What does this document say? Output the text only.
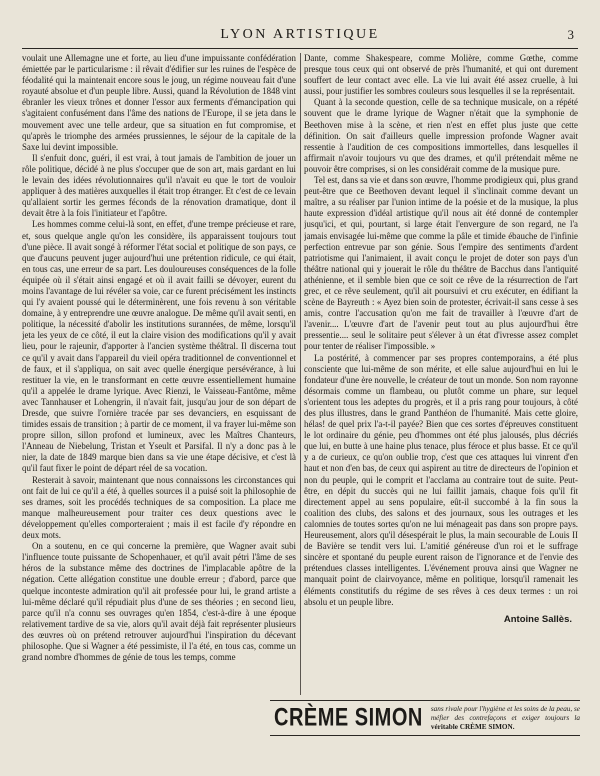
LYON ARTISTIQUE	3

voulait une Allemagne une et forte, au lieu d'une impuissante confédération émiettée par le particularisme : il rêvait d'édifier sur les ruines de l'espèce de féodalité qui la maintenait encore sous le joug, un régime nouveau fait d'une royauté absolue et d'un peuple libre. Aussi, quand la Révolution de 1848 vint ébranler les vieux trônes et donner l'essor aux ferments d'émancipation qui s'agitaient confusément dans l'âme des nations de l'Europe, il se jeta dans le mouvement avec une telle ardeur, que sa situation en fut compromise, et qu'après le triomphe des armées prussiennes, le séjour de la capitale de la Saxe lui devint impossible.

Il s'enfuit donc, guéri, il est vrai, à tout jamais de l'ambition de jouer un rôle politique, décidé à ne plus s'occuper que de son art, mais gardant en lui le levain des idées révolutionnaires qu'il n'avait eu que le tort de vouloir appliquer à des matières auxquelles il était trop étranger. Et c'est de ce levain qu'allaient sortir les germes féconds de la rénovation dramatique, dont il devait être à la fois l'initiateur et l'apôtre.

Les hommes comme celui-là sont, en effet, d'une trempe précieuse et rare, et, sous quelque angle qu'on les considère, ils apparaissent toujours tout d'une pièce. Il avait songé à réformer l'état social et politique de son pays, ce que d'aucuns peuvent juger aujourd'hui une prétention ridicule, ce qui était, en tous cas, une erreur de sa part. Les douloureuses conséquences de la folle équipée où il s'était ainsi engagé et où il avait failli se dévoyer, eurent du moins l'avantage de lui révéler sa voie, car ce furent précisément les instincts qui l'y avaient poussé qui le déterminèrent, une fois revenu à son véritable domaine, à y entreprendre une œuvre analogue. De même qu'il avait senti, en politique, la nécessité d'abolir les institutions surannées, de même, lorsqu'il jeta les yeux de ce côté, il eut la claire vision des modifications qu'il y avait lieu, pour le rajeunir, d'apporter à l'ancien système théâtral. Il discerna tout ce qu'il y avait dans l'appareil du vieil opéra traditionnel de conventionnel et de faux, et il s'appliqua, on sait avec quelle énergique persévérance, à lui restituer la vie, en le transformant en cette œuvre essentiellement humaine qu'il a appelée le drame lyrique. Avec Rienzi, le Vaisseau-Fantôme, même avec Tannhauser et Lohengrin, il n'avait fait, jusqu'au jour de son départ de Dresde, que suivre l'ornière tracée par ses devanciers, en esquissant de timides essais de transition ; à partir de ce moment, il va frayer lui-même son propre sillon, sillon profond et lumineux, avec les Maîtres Chanteurs, l'Anneau de Niebelung, Tristan et Yseult et Parsifal. Il n'y a donc pas à le nier, la date de 1849 marque bien dans sa vie une étape décisive, et c'est là qu'il faut fixer le point de départ réel de sa vocation.

Resterait à savoir, maintenant que nous connaissons les circonstances qui ont fait de lui ce qu'il a été, à quelles sources il a puisé soit la philosophie de ses drames, soit les procédés techniques de sa composition. La place me manque malheureusement pour traiter ces deux questions avec le développement qu'elles comporteraient ; mais il est facile d'y répondre en deux mots.

On a soutenu, en ce qui concerne la première, que Wagner avait subi l'influence toute puissante de Schopenhauer, et qu'il avait pétri l'âme de ses héros de la substance même des doctrines de l'implacable apôtre de la négation. Cette allégation constitue une double erreur ; d'abord, parce que quelque inconteste admiration qu'il ait professée pour lui, le grand artiste a lui-même déclaré qu'il répudiait plus d'une de ses théories ; en second lieu, parce qu'il n'a connu ses ouvrages qu'en 1854, c'est-à-dire à une époque relativement tardive de sa vie, alors qu'il avait déjà fait représenter plusieurs des œuvres où on prétend retrouver aujourd'hui l'inspiration du décevant philosophe. Que si Wagner a été pessimiste, il l'a été, en tous cas, comme un grand nombre d'hommes de génie de tous les temps, comme

Dante, comme Shakespeare, comme Molière, comme Gœthe, comme presque tous ceux qui ont observé de près l'humanité, et qui ont durement souffert de leur contact avec elle. La vie lui avait été assez cruelle, à lui aussi, pour justifier les sombres couleurs sous lesquelles il se la représentait.

Quant à la seconde question, celle de sa technique musicale, on a répété souvent que le drame lyrique de Wagner n'était que la symphonie de Beethoven mise à la scène, et rien n'est en effet plus juste que cette définition. On sait d'ailleurs quelle impression profonde Wagner avait ressentie à l'audition de ces compositions immortelles, dans lesquelles il affirmait n'avoir toujours vu que des drames, et qu'il prétendait même ne pouvoir être comprises, si on les considérait comme de la musique pure.

Tel est, dans sa vie et dans son œuvre, l'homme prodigieux qui, plus grand peut-être que ce Beethoven devant lequel il s'inclinait comme devant un maître, a su réaliser par l'union intime de la poésie et de la musique, la plus haute expression d'idéal artistique qu'il nous ait été donné de contempler jusqu'ici, et qui, pourtant, si large était l'envergure de son regard, ne l'a jamais envisagée lui-même que comme la pâle et timide ébauche de l'infinie perfection entrevue par son génie. Sous l'empire des sentiments d'ardent patriotisme qui l'animaient, il avait conçu le projet de doter son pays d'un théâtre national qui y jouerait le rôle du théâtre de Bacchus dans l'antiquité athénienne, et il semble bien que ce soit ce rêve de la résurrection de l'art grec, et ce rêve seulement, qu'il ait poursuivi et cru exécuter, en édifiant la scène de Bayreuth : « Ayez bien soin de protester, écrivait-il sans cesse à ses amis, contre l'accusation qu'on me fait de travailler à l'œuvre d'art de l'avenir.... L'œuvre d'art de l'avenir peut tout au plus aujourd'hui être pressentie.... seul le solitaire peut s'élever à un état d'ivresse assez complet pour tenter de réaliser l'impossible. »

La postérité, à commencer par ses propres contemporains, a été plus consciente que lui-même de son mérite, et elle salue aujourd'hui en lui le fondateur d'une ère nouvelle, le créateur de tout un monde. Son nom rayonne désormais comme un flambeau, ou plutôt comme un phare, sur lequel s'orientent tous les adeptes du progrès, et il a pris rang pour toujours, à côté des plus illustres, dans le grand Panthéon de l'humanité. Mais cette gloire, hélas! de quel prix l'a-t-il payée? Bien que ces sortes d'épreuves constituent le lot ordinaire du génie, peu d'hommes ont été plus jalousés, plus décriés que lui, en butte à une haine plus tenace, plus féroce et plus basse. Et ce qu'il y a de curieux, ce qu'on oublie trop, c'est que ces attaques lui vinrent d'en haut et non d'en bas, de ceux qui aspirent au titre de directeurs de l'opinion et non du peuple, qui le comprit et l'acclama au contraire tout de suite. Peut-être, en dépit du succès qui ne lui faillit jamais, chaque fois qu'il fit directement appel au sens populaire, eût-il succombé à la fin sous la coalition des clubs, des salons et des journaux, sous les outrages et les calomnies de toutes sortes qu'on ne lui ménageait pas dans son propre pays. Heureusement, alors qu'il désespérait le plus, la main secourable de Louis II de Bavière se tendit vers lui. L'amitié généreuse d'un roi et le suffrage sincère et spontané du peuple eurent raison de l'ignorance et de l'envie des prétendues classes intelligentes. L'événement prouva ainsi que Wagner ne manquait point de clairvoyance, même en politique, lorsqu'il ramenait les éléments constitutifs du régime de ses rêves à ces deux termes : un roi absolu et un peuple libre.

Antoine Sallès.
CRÈME SIMON	sans rivale pour l'hygiène et les soins de la peau, se méfier des contrefaçons et exiger toujours la véritable CRÈME SIMON.
